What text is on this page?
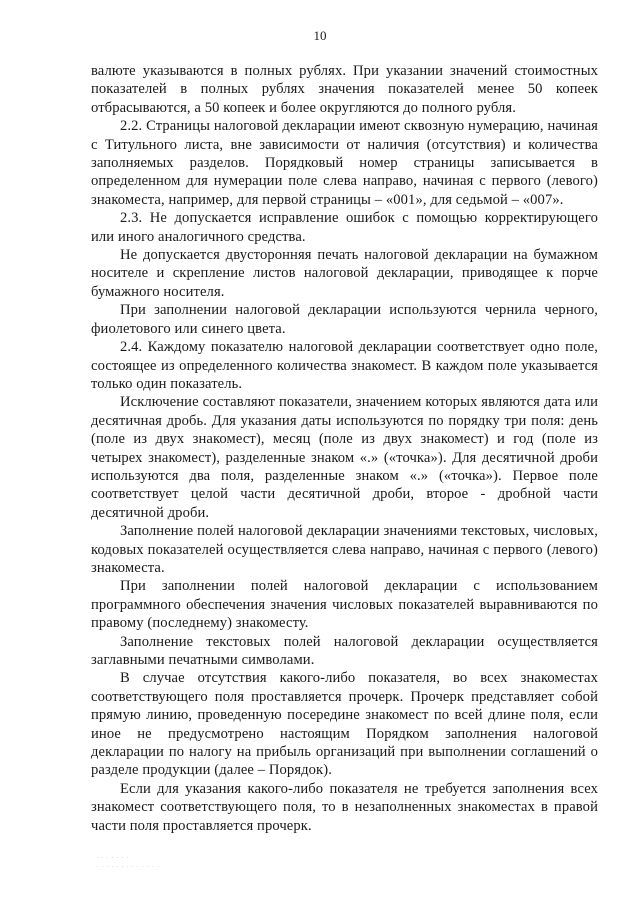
10

валюте указываются в полных рублях. При указании значений стоимостных показателей в полных рублях значения показателей менее 50 копеек отбрасываются, а 50 копеек и более округляются до полного рубля.

2.2. Страницы налоговой декларации имеют сквозную нумерацию, начиная с Титульного листа, вне зависимости от наличия (отсутствия) и количества заполняемых разделов. Порядковый номер страницы записывается в определенном для нумерации поле слева направо, начиная с первого (левого) знакоместа, например, для первой страницы – «001», для седьмой – «007».

2.3. Не допускается исправление ошибок с помощью корректирующего или иного аналогичного средства.

Не допускается двусторонняя печать налоговой декларации на бумажном носителе и скрепление листов налоговой декларации, приводящее к порче бумажного носителя.

При заполнении налоговой декларации используются чернила черного, фиолетового или синего цвета.

2.4. Каждому показателю налоговой декларации соответствует одно поле, состоящее из определенного количества знакомест. В каждом поле указывается только один показатель.

Исключение составляют показатели, значением которых являются дата или десятичная дробь. Для указания даты используются по порядку три поля: день (поле из двух знакомест), месяц (поле из двух знакомест) и год (поле из четырех знакомест), разделенные знаком «.» («точка»). Для десятичной дроби используются два поля, разделенные знаком «.» («точка»). Первое поле соответствует целой части десятичной дроби, второе - дробной части десятичной дроби.

Заполнение полей налоговой декларации значениями текстовых, числовых, кодовых показателей осуществляется слева направо, начиная с первого (левого) знакоместа.

При заполнении полей налоговой декларации с использованием программного обеспечения значения числовых показателей выравниваются по правому (последнему) знакоместу.

Заполнение текстовых полей налоговой декларации осуществляется заглавными печатными символами.

В случае отсутствия какого-либо показателя, во всех знакоместах соответствующего поля проставляется прочерк. Прочерк представляет собой прямую линию, проведенную посередине знакомест по всей длине поля, если иное не предусмотрено настоящим Порядком заполнения налоговой декларации по налогу на прибыль организаций при выполнении соглашений о разделе продукции (далее – Порядок).

Если для указания какого-либо показателя не требуется заполнения всех знакомест соответствующего поля, то в незаполненных знакоместах в правой части поля проставляется прочерк.

· · · · · · ·
· · · · · · · · · · · · ·
